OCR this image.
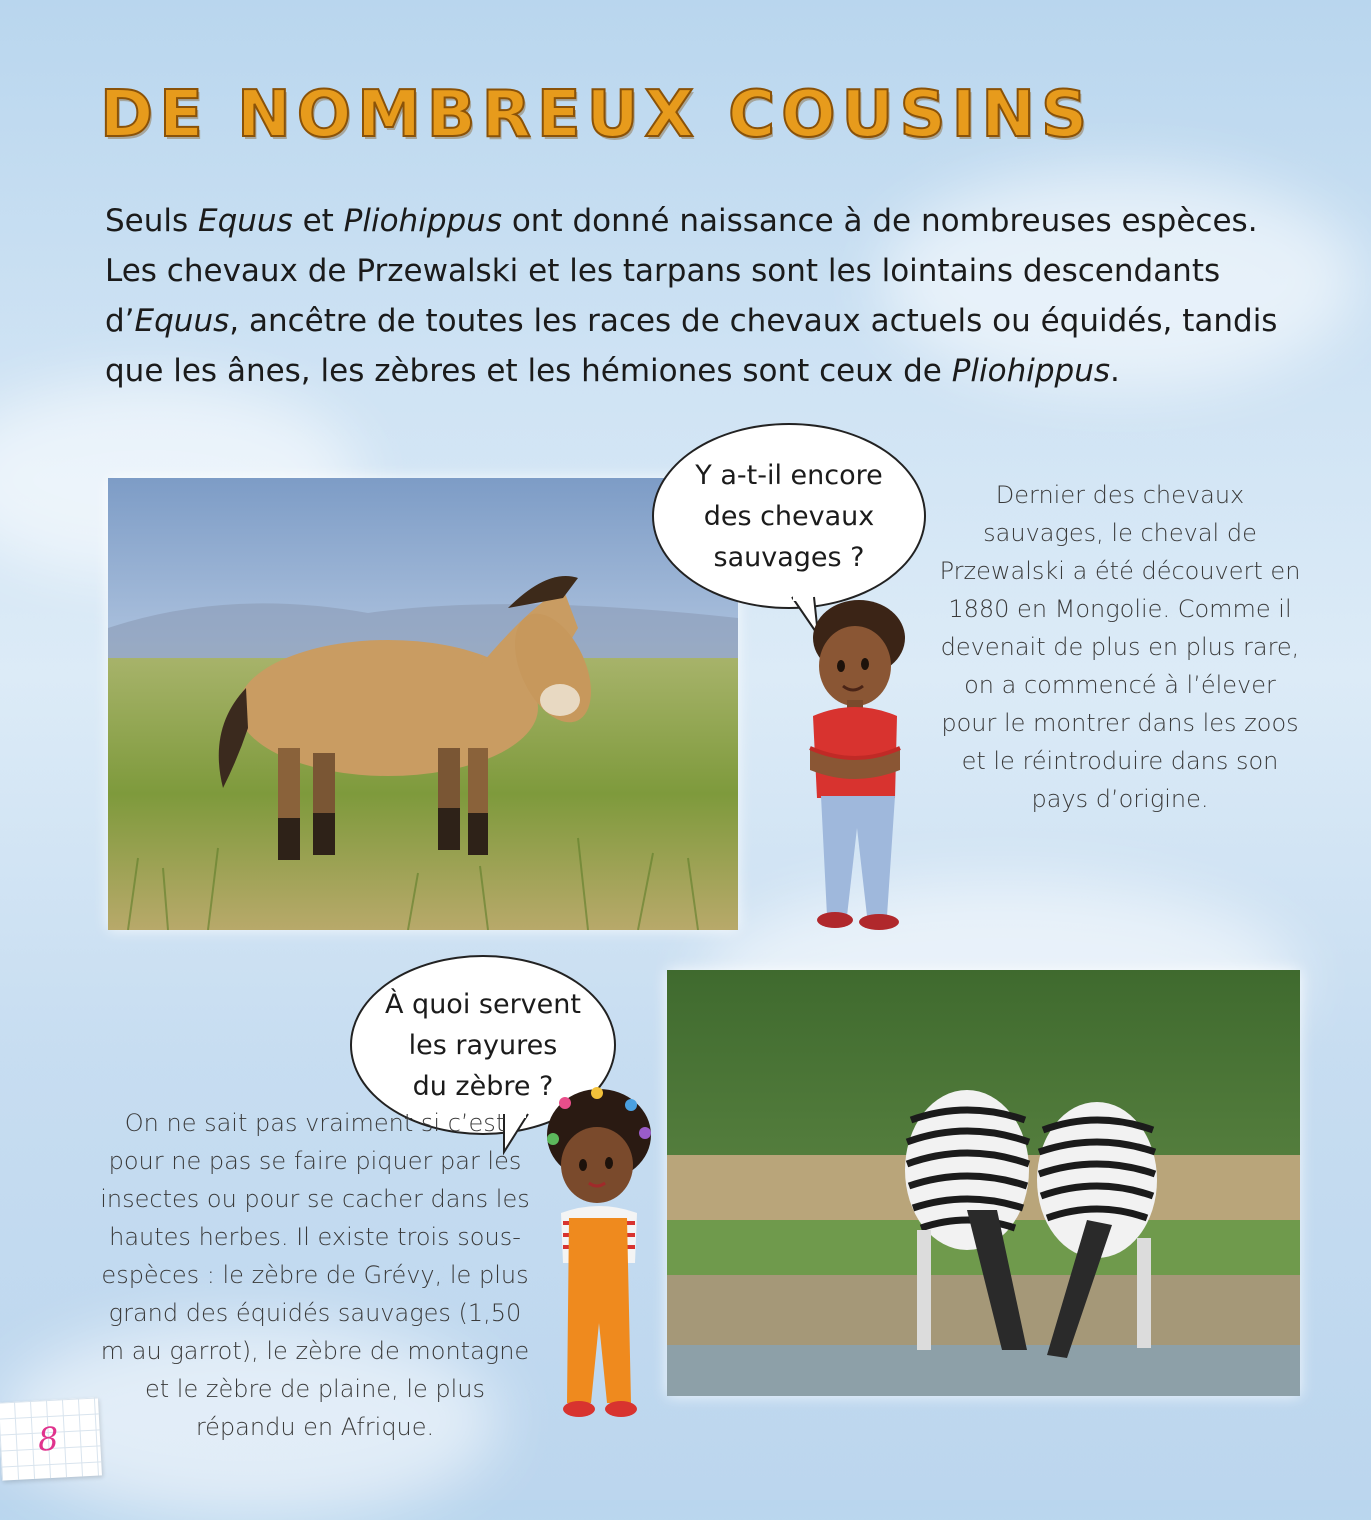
DE NOMBREUX COUSINS

Seuls Equus et Pliohippus ont donné naissance à de nombreuses espèces. Les chevaux de Przewalski et les tarpans sont les lointains descendants d’Equus, ancêtre de toutes les races de chevaux actuels ou équidés, tandis que les ânes, les zèbres et les hémiones sont ceux de Pliohippus.

Y a-t-il encore
des chevaux
sauvages ?
Dernier des chevaux sauvages, le cheval de Przewalski a été découvert en 1880 en Mongolie. Comme il devenait de plus en plus rare, on a commencé à l’élever pour le montrer dans les zoos et le réintroduire dans son pays d’origine.
À quoi servent
les rayures
du zèbre ?
On ne sait pas vraiment si c’est pour ne pas se faire piquer par les insectes ou pour se cacher dans les hautes herbes. Il existe trois sous-espèces : le zèbre de Grévy, le plus grand des équidés sauvages (1,50 m au garrot), le zèbre de montagne et le zèbre de plaine, le plus répandu en Afrique.
8
